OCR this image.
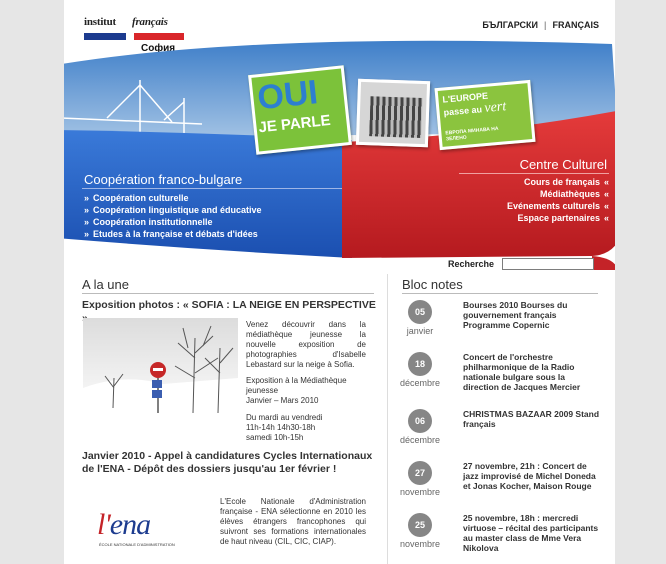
institut français
София
БЪЛГАРСКИ | FRANÇAIS
OUI
JE PARLE
L'EUROPE
passe au vert
ЕВРОПА МИНАВА НА ЗЕЛЕНО
Coopération franco-bulgare
» Coopération culturelle
» Coopération linguistique and éducative
» Coopération institutionnelle
» Etudes à la française et débats d'idées
Centre Culturel
Cours de français «
Médiathèques «
Evénements culturels «
Espace partenaires «
Recherche
A la une
Exposition photos : « SOFIA : LA NEIGE EN PERSPECTIVE
Venez découvrir dans la médiathèque jeunesse la nouvelle exposition de photographies d'Isabelle Lebastard sur la neige à Sofia.
Exposition à la Médiathèque jeunesse
Janvier – Mars 2010
Du mardi au vendredi
11h-14h 14h30-18h
samedi 10h-15h
Janvier 2010 - Appel à candidatures Cycles Internationaux de l'ENA - Dépôt des dossiers jusqu'au 1er février !
l'ena
ÉCOLE NATIONALE D'ADMINISTRATION
L'Ecole Nationale d'Administration française - ENA sélectionne en 2010 les élèves étrangers francophones qui suivront ses formations internationales de haut niveau (CIL, CIC, CIAP).
Bloc notes
05
janvier
Bourses 2010 Bourses du gouvernement français Programme Copernic
18
décembre
Concert de l'orchestre philharmonique de la Radio nationale bulgare sous la direction de Jacques Mercier
06
décembre
CHRISTMAS BAZAAR 2009 Stand français
27
novembre
27 novembre, 21h : Concert de jazz improvisé de Michel Doneda et Jonas Kocher, Maison Rouge
25
novembre
25 novembre, 18h : mercredi virtuose – récital des participants au master class de Mme Vera Nikolova
